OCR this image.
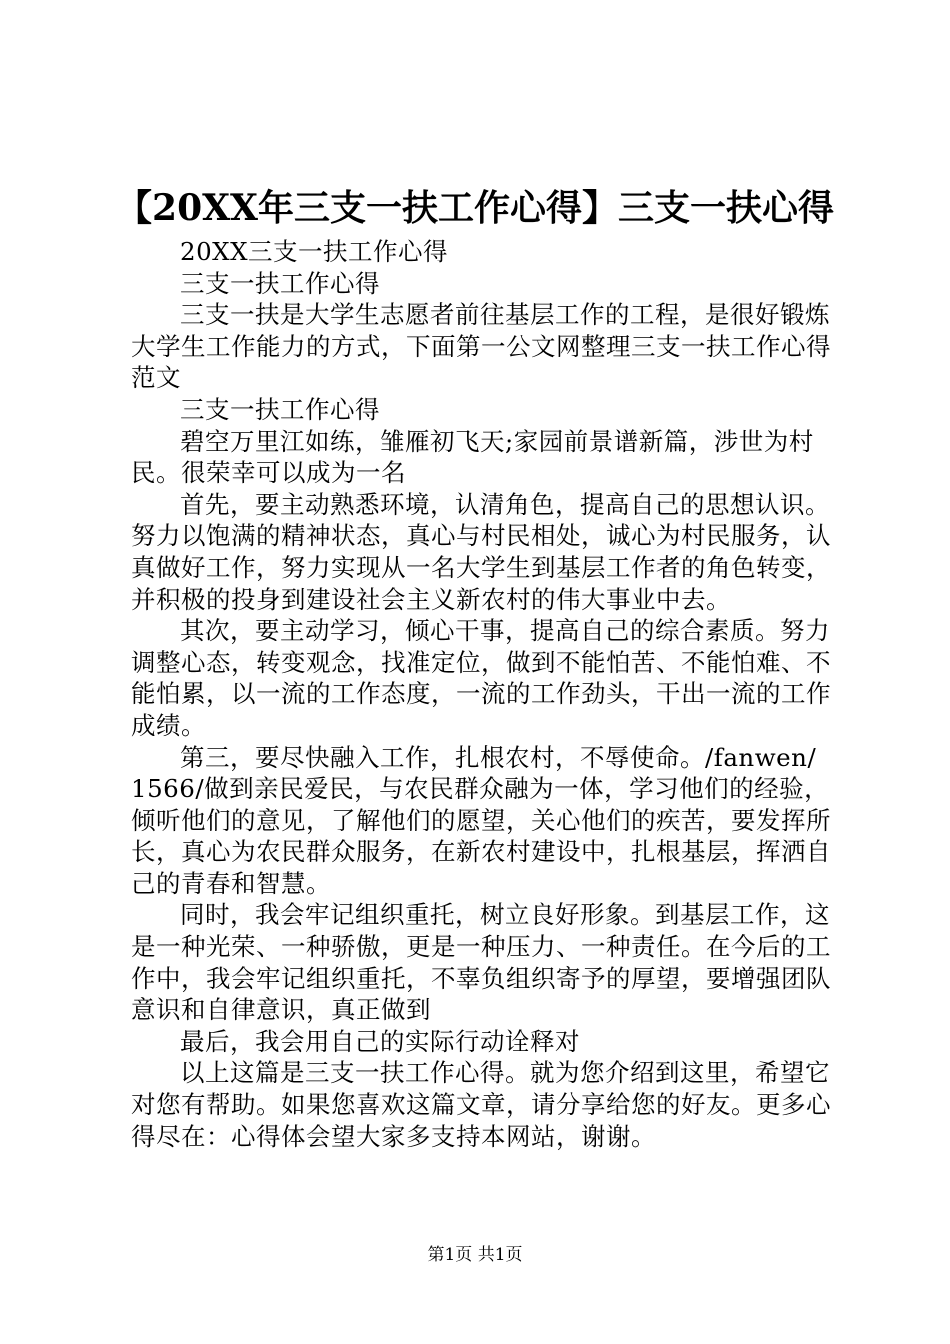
【20XX年三支一扶工作心得】三支一扶心得

20XX三支一扶工作心得

三支一扶工作心得

三支一扶是大学生志愿者前往基层工作的工程，是很好锻炼大学生工作能力的方式，下面第一公文网整理三支一扶工作心得范文

三支一扶工作心得

碧空万里江如练，雏雁初飞天;家园前景谱新篇，涉世为村民。很荣幸可以成为一名

首先，要主动熟悉环境，认清角色，提高自己的思想认识。努力以饱满的精神状态，真心与村民相处，诚心为村民服务，认真做好工作，努力实现从一名大学生到基层工作者的角色转变，并积极的投身到建设社会主义新农村的伟大事业中去。

其次，要主动学习，倾心干事，提高自己的综合素质。努力调整心态，转变观念，找准定位，做到不能怕苦、不能怕难、不能怕累，以一流的工作态度，一流的工作劲头，干出一流的工作成绩。

第三，要尽快融入工作，扎根农村，不辱使命。/fanwen/1566/做到亲民爱民，与农民群众融为一体，学习他们的经验，倾听他们的意见，了解他们的愿望，关心他们的疾苦，要发挥所长，真心为农民群众服务，在新农村建设中，扎根基层，挥洒自己的青春和智慧。

同时，我会牢记组织重托，树立良好形象。到基层工作，这是一种光荣、一种骄傲，更是一种压力、一种责任。在今后的工作中，我会牢记组织重托，不辜负组织寄予的厚望，要增强团队意识和自律意识，真正做到

最后，我会用自己的实际行动诠释对

以上这篇是三支一扶工作心得。就为您介绍到这里，希望它对您有帮助。如果您喜欢这篇文章，请分享给您的好友。更多心得尽在：心得体会望大家多支持本网站，谢谢。

第1页 共1页
